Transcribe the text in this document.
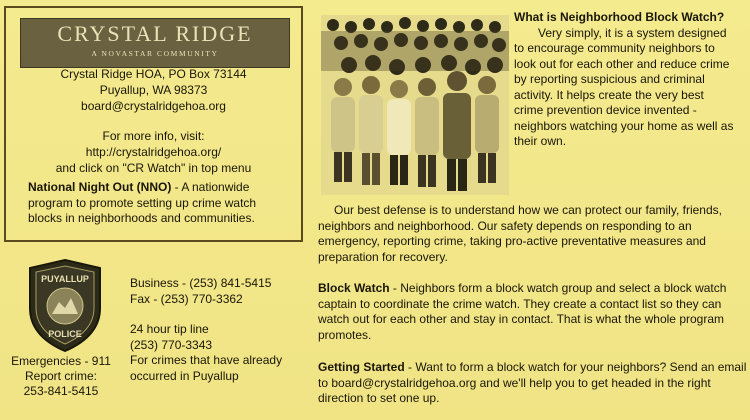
CRYSTAL RIDGE
A NOVASTAR COMMUNITY
Crystal Ridge HOA, PO Box 73144
Puyallup, WA 98373
board@crystalridgehoa.org
For more info, visit:
http://crystalridgehoa.org/
and click on "CR Watch" in top menu
National Night Out (NNO) - A nationwide program to promote setting up crime watch blocks in neighborhoods and communities.
What is Neighborhood Block Watch?
Very simply, it is a system designed to encourage community neighbors to look out for each other and reduce crime by reporting suspicious and criminal activity. It helps create the very best crime prevention device invented - neighbors watching your home as well as their own.
Our best defense is to understand how we can protect our family, friends, neighbors and neighborhood. Our safety depends on responding to an emergency, reporting crime, taking pro-active preventative measures and preparation for recovery.
Block Watch - Neighbors form a block watch group and select a block watch captain to coordinate the crime watch. They create a contact list so they can watch out for each other and stay in contact. That is what the whole program promotes.
Getting Started - Want to form a block watch for your neighbors? Send an email to board@crystalridgehoa.org and we'll help you to get headed in the right direction to set one up.
PUYALLUP
POLICE
Business - (253) 841-5415
Fax - (253) 770-3362
24 hour tip line
(253) 770-3343
For crimes that have already
occurred in Puyallup
Emergencies - 911
Report crime:
253-841-5415
